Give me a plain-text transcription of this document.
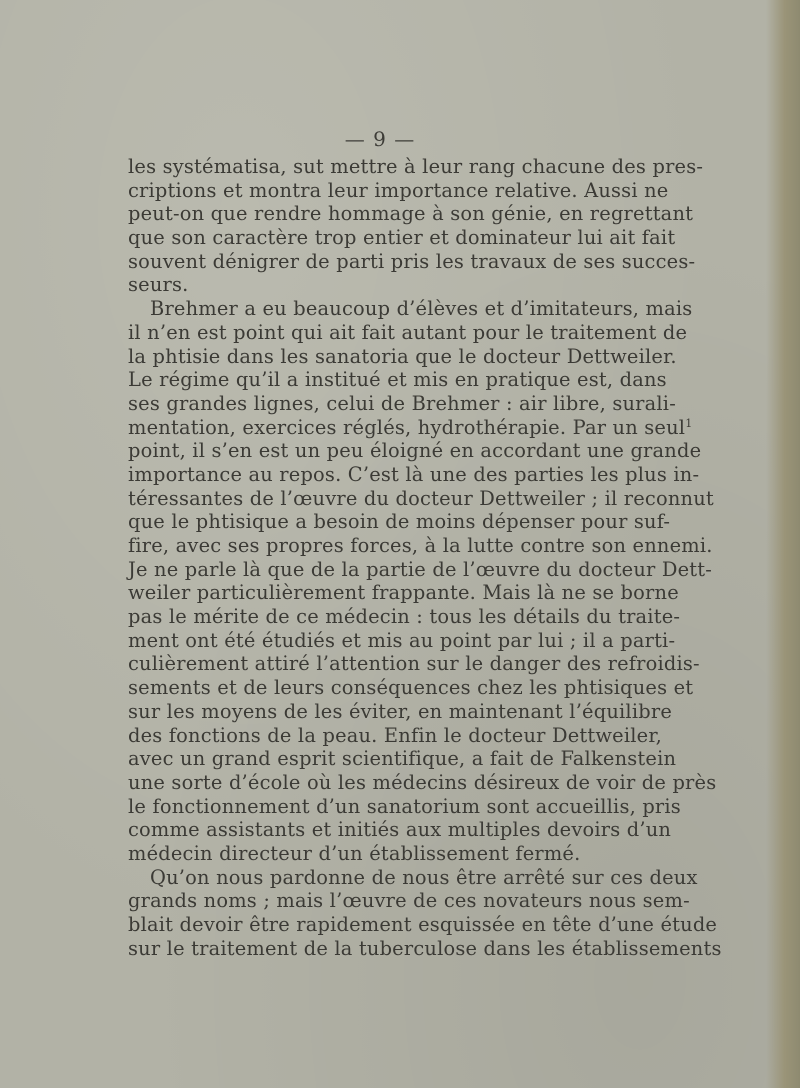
— 9 —
les systématisa, sut mettre à leur rang chacune des pres-
criptions et montra leur importance relative. Aussi ne
peut-on que rendre hommage à son génie, en regrettant
que son caractère trop entier et dominateur lui ait fait
souvent dénigrer de parti pris les travaux de ses succes-
seurs.
Brehmer a eu beaucoup d’élèves et d’imitateurs, mais
il n’en est point qui ait fait autant pour le traitement de
la phtisie dans les sanatoria que le docteur Dettweiler.
Le régime qu’il a institué et mis en pratique est, dans
ses grandes lignes, celui de Brehmer : air libre, surali-
mentation, exercices réglés, hydrothérapie. Par un seul$^1$
point, il s’en est un peu éloigné en accordant une grande
importance au repos. C’est là une des parties les plus in-
téressantes de l’œuvre du docteur Dettweiler ; il reconnut
que le phtisique a besoin de moins dépenser pour suf-
fire, avec ses propres forces, à la lutte contre son ennemi.
Je ne parle là que de la partie de l’œuvre du docteur Dett-
weiler particulièrement frappante. Mais là ne se borne
pas le mérite de ce médecin : tous les détails du traite-
ment ont été étudiés et mis au point par lui ; il a parti-
culièrement attiré l’attention sur le danger des refroidis-
sements et de leurs conséquences chez les phtisiques et
sur les moyens de les éviter, en maintenant l’équilibre
des fonctions de la peau. Enfin le docteur Dettweiler,
avec un grand esprit scientifique, a fait de Falkenstein
une sorte d’école où les médecins désireux de voir de près
le fonctionnement d’un sanatorium sont accueillis, pris
comme assistants et initiés aux multiples devoirs d’un
médecin directeur d’un établissement fermé.
Qu’on nous pardonne de nous être arrêté sur ces deux
grands noms ; mais l’œuvre de ces novateurs nous sem-
blait devoir être rapidement esquissée en tête d’une étude
sur le traitement de la tuberculose dans les établissements
